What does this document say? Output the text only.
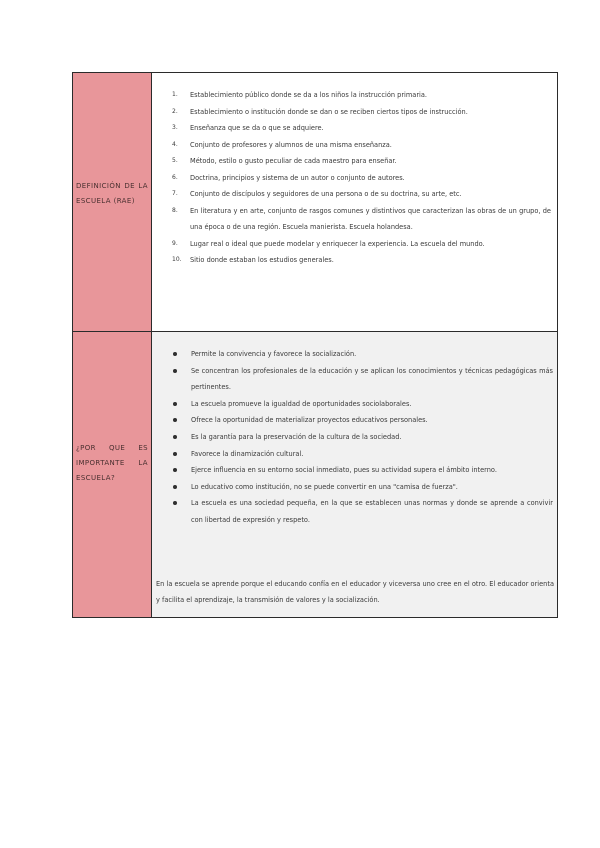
DEFINICIÓN DE LA ESCUELA (RAE)
1. Establecimiento público donde se da a los niños la instrucción primaria.
2. Establecimiento o institución donde se dan o se reciben ciertos tipos de instrucción.
3. Enseñanza que se da o que se adquiere.
4. Conjunto de profesores y alumnos de una misma enseñanza.
5. Método, estilo o gusto peculiar de cada maestro para enseñar.
6. Doctrina, principios y sistema de un autor o conjunto de autores.
7. Conjunto de discípulos y seguidores de una persona o de su doctrina, su arte, etc.
8. En literatura y en arte, conjunto de rasgos comunes y distintivos que caracterizan las obras de un grupo, de una época o de una región. Escuela manierista. Escuela holandesa.
9. Lugar real o ideal que puede modelar y enriquecer la experiencia. La escuela del mundo.
10. Sitio donde estaban los estudios generales.
¿POR QUE ES IMPORTANTE LA ESCUELA?
Permite la convivencia y favorece la socialización.
Se concentran los profesionales de la educación y se aplican los conocimientos y técnicas pedagógicas más pertinentes.
La escuela promueve la igualdad de oportunidades sociolaborales.
Ofrece la oportunidad de materializar proyectos educativos personales.
Es la garantía para la preservación de la cultura de la sociedad.
Favorece la dinamización cultural.
Ejerce influencia en su entorno social inmediato, pues su actividad supera el ámbito interno.
Lo educativo como institución, no se puede convertir en una "camisa de fuerza".
La escuela es una sociedad pequeña, en la que se establecen unas normas y donde se aprende a convivir con libertad de expresión y respeto.

En la escuela se aprende porque el educando confía en el educador y viceversa uno cree en el otro. El educador orienta y facilita el aprendizaje, la transmisión de valores y la socialización.
